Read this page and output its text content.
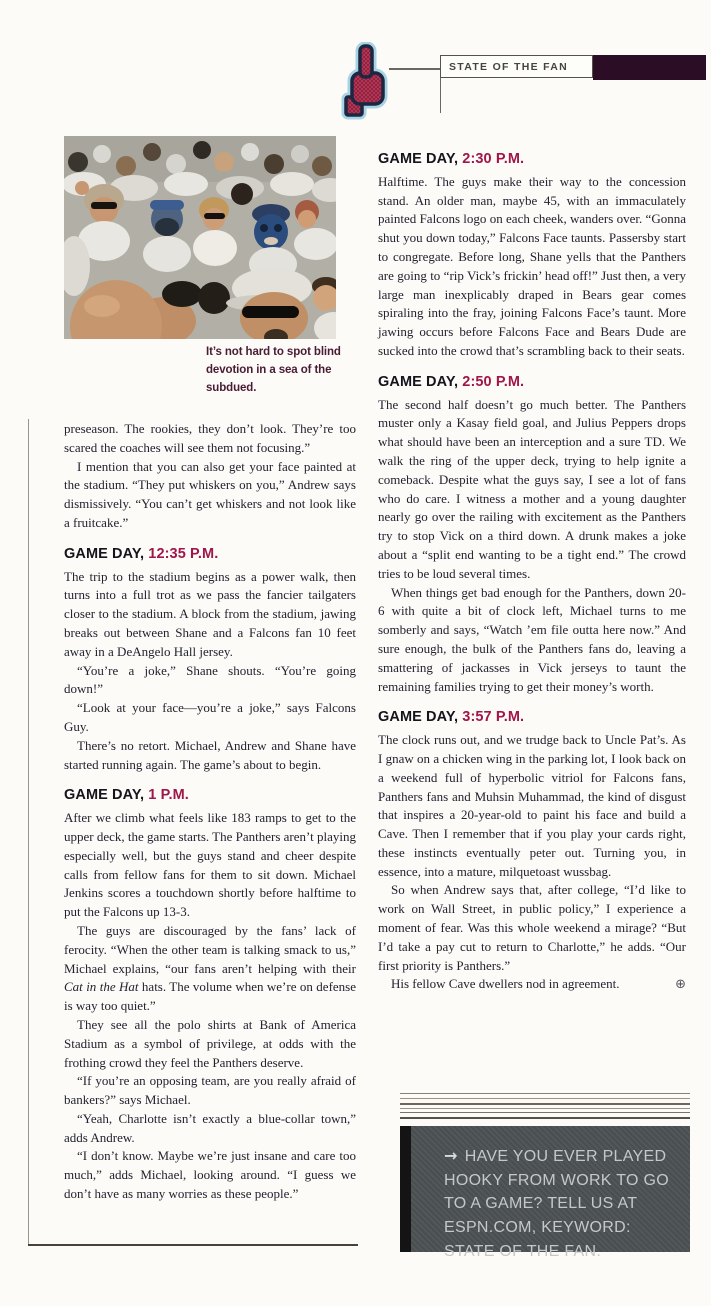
STATE OF THE FAN
It’s not hard to spot blind devotion in a sea of the subdued.

preseason. The rookies, they don’t look. They’re too scared the coaches will see them not focusing.”

I mention that you can also get your face painted at the stadium. “They put whiskers on you,” Andrew says dismissively. “You can’t get whiskers and not look like a fruitcake.”

GAME DAY, 12:35 P.M.

The trip to the stadium begins as a power walk, then turns into a full trot as we pass the fancier tailgaters closer to the stadium. A block from the stadium, jawing breaks out between Shane and a Falcons fan 10 feet away in a DeAngelo Hall jersey.

“You’re a joke,” Shane shouts. “You’re going down!”

“Look at your face—you’re a joke,” says Falcons Guy.

There’s no retort. Michael, Andrew and Shane have started running again. The game’s about to begin.

GAME DAY, 1 P.M.

After we climb what feels like 183 ramps to get to the upper deck, the game starts. The Panthers aren’t playing especially well, but the guys stand and cheer despite calls from fellow fans for them to sit down. Michael Jenkins scores a touchdown shortly before halftime to put the Falcons up 13-3.

The guys are discouraged by the fans’ lack of ferocity. “When the other team is talking smack to us,” Michael explains, “our fans aren’t helping with their Cat in the Hat hats. The volume when we’re on defense is way too quiet.”

They see all the polo shirts at Bank of America Stadium as a symbol of privilege, at odds with the frothing crowd they feel the Panthers deserve.

“If you’re an opposing team, are you really afraid of bankers?” says Michael.

“Yeah, Charlotte isn’t exactly a blue-collar town,” adds Andrew.

“I don’t know. Maybe we’re just insane and care too much,” adds Michael, looking around. “I guess we don’t have as many worries as these people.”

GAME DAY, 2:30 P.M.

Halftime. The guys make their way to the concession stand. An older man, maybe 45, with an immaculately painted Falcons logo on each cheek, wanders over. “Gonna shut you down today,” Falcons Face taunts. Passersby start to congregate. Before long, Shane yells that the Panthers are going to “rip Vick’s frickin’ head off!” Just then, a very large man inexplicably draped in Bears gear comes spiraling into the fray, joining Falcons Face’s taunt. More jawing occurs before Falcons Face and Bears Dude are sucked into the crowd that’s scrambling back to their seats.

GAME DAY, 2:50 P.M.

The second half doesn’t go much better. The Panthers muster only a Kasay field goal, and Julius Peppers drops what should have been an interception and a sure TD. We walk the ring of the upper deck, trying to help ignite a comeback. Despite what the guys say, I see a lot of fans who do care. I witness a mother and a young daughter nearly go over the railing with excitement as the Panthers try to stop Vick on a third down. A drunk makes a joke about a “split end wanting to be a tight end.” The crowd tries to be loud several times.

When things get bad enough for the Panthers, down 20-6 with quite a bit of clock left, Michael turns to me somberly and says, “Watch ’em file outta here now.” And sure enough, the bulk of the Panthers fans do, leaving a smattering of jackasses in Vick jerseys to taunt the remaining families trying to get their money’s worth.

GAME DAY, 3:57 P.M.

The clock runs out, and we trudge back to Uncle Pat’s. As I gnaw on a chicken wing in the parking lot, I look back on a weekend full of hyperbolic vitriol for Falcons fans, Panthers fans and Muhsin Muhammad, the kind of disgust that inspires a 20-year-old to paint his face and build a Cave. Then I remember that if you play your cards right, these instincts eventually peter out. Turning you, in essence, into a mature, milquetoast wussbag.

So when Andrew says that, after college, “I’d like to work on Wall Street, in public policy,” I experience a moment of fear. Was this whole weekend a mirage? “But I’d take a pay cut to return to Charlotte,” he adds. “Our first priority is Panthers.”

His fellow Cave dwellers nod in agreement.	⊕

→ HAVE YOU EVER PLAYED HOOKY FROM WORK TO GO TO A GAME? TELL US AT ESPN.COM, KEYWORD: STATE OF THE FAN.
